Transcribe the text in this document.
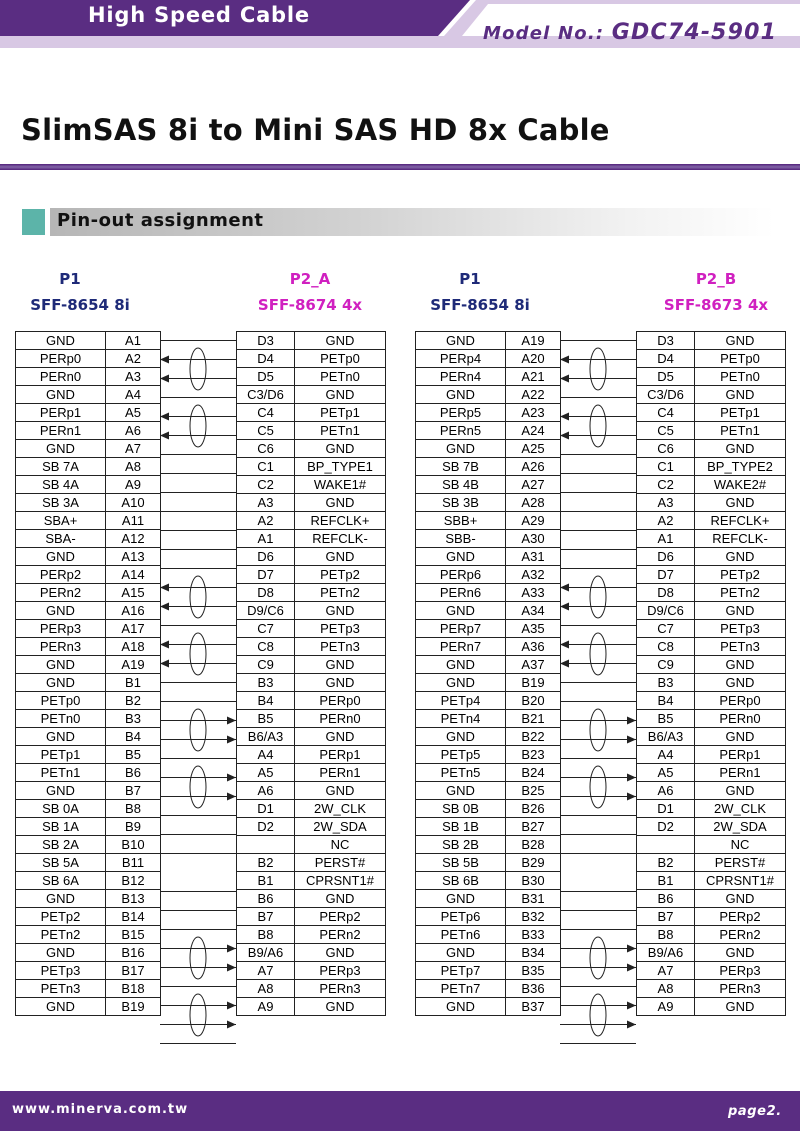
High Speed Cable
Model No.: GDC74-5901
SlimSAS 8i to Mini SAS HD 8x Cable
Pin-out assignment
P1
SFF-8654 8i
P2_A
SFF-8674 4x
P1
SFF-8654 8i
P2_B
SFF-8673 4x
GND	A1
PERp0	A2
PERn0	A3
GND	A4
PERp1	A5
PERn1	A6
GND	A7
SB 7A	A8
SB 4A	A9
SB 3A	A10
SBA+	A11
SBA-	A12
GND	A13
PERp2	A14
PERn2	A15
GND	A16
PERp3	A17
PERn3	A18
GND	A19
GND	B1
PETp0	B2
PETn0	B3
GND	B4
PETp1	B5
PETn1	B6
GND	B7
SB 0A	B8
SB 1A	B9
SB 2A	B10
SB 5A	B11
SB 6A	B12
GND	B13
PETp2	B14
PETn2	B15
GND	B16
PETp3	B17
PETn3	B18
GND	B19
D3	GND
D4	PETp0
D5	PETn0
C3/D6	GND
C4	PETp1
C5	PETn1
C6	GND
C1	BP_TYPE1
C2	WAKE1#
A3	GND
A2	REFCLK+
A1	REFCLK-
D6	GND
D7	PETp2
D8	PETn2
D9/C6	GND
C7	PETp3
C8	PETn3
C9	GND
B3	GND
B4	PERp0
B5	PERn0
B6/A3	GND
A4	PERp1
A5	PERn1
A6	GND
D1	2W_CLK
D2	2W_SDA
	NC
B2	PERST#
B1	CPRSNT1#
B6	GND
B7	PERp2
B8	PERn2
B9/A6	GND
A7	PERp3
A8	PERn3
A9	GND
GND	A19
PERp4	A20
PERn4	A21
GND	A22
PERp5	A23
PERn5	A24
GND	A25
SB 7B	A26
SB 4B	A27
SB 3B	A28
SBB+	A29
SBB-	A30
GND	A31
PERp6	A32
PERn6	A33
GND	A34
PERp7	A35
PERn7	A36
GND	A37
GND	B19
PETp4	B20
PETn4	B21
GND	B22
PETp5	B23
PETn5	B24
GND	B25
SB 0B	B26
SB 1B	B27
SB 2B	B28
SB 5B	B29
SB 6B	B30
GND	B31
PETp6	B32
PETn6	B33
GND	B34
PETp7	B35
PETn7	B36
GND	B37
D3	GND
D4	PETp0
D5	PETn0
C3/D6	GND
C4	PETp1
C5	PETn1
C6	GND
C1	BP_TYPE2
C2	WAKE2#
A3	GND
A2	REFCLK+
A1	REFCLK-
D6	GND
D7	PETp2
D8	PETn2
D9/C6	GND
C7	PETp3
C8	PETn3
C9	GND
B3	GND
B4	PERp0
B5	PERn0
B6/A3	GND
A4	PERp1
A5	PERn1
A6	GND
D1	2W_CLK
D2	2W_SDA
	NC
B2	PERST#
B1	CPRSNT1#
B6	GND
B7	PERp2
B8	PERn2
B9/A6	GND
A7	PERp3
A8	PERn3
A9	GND
www.minerva.com.tw	page2.
